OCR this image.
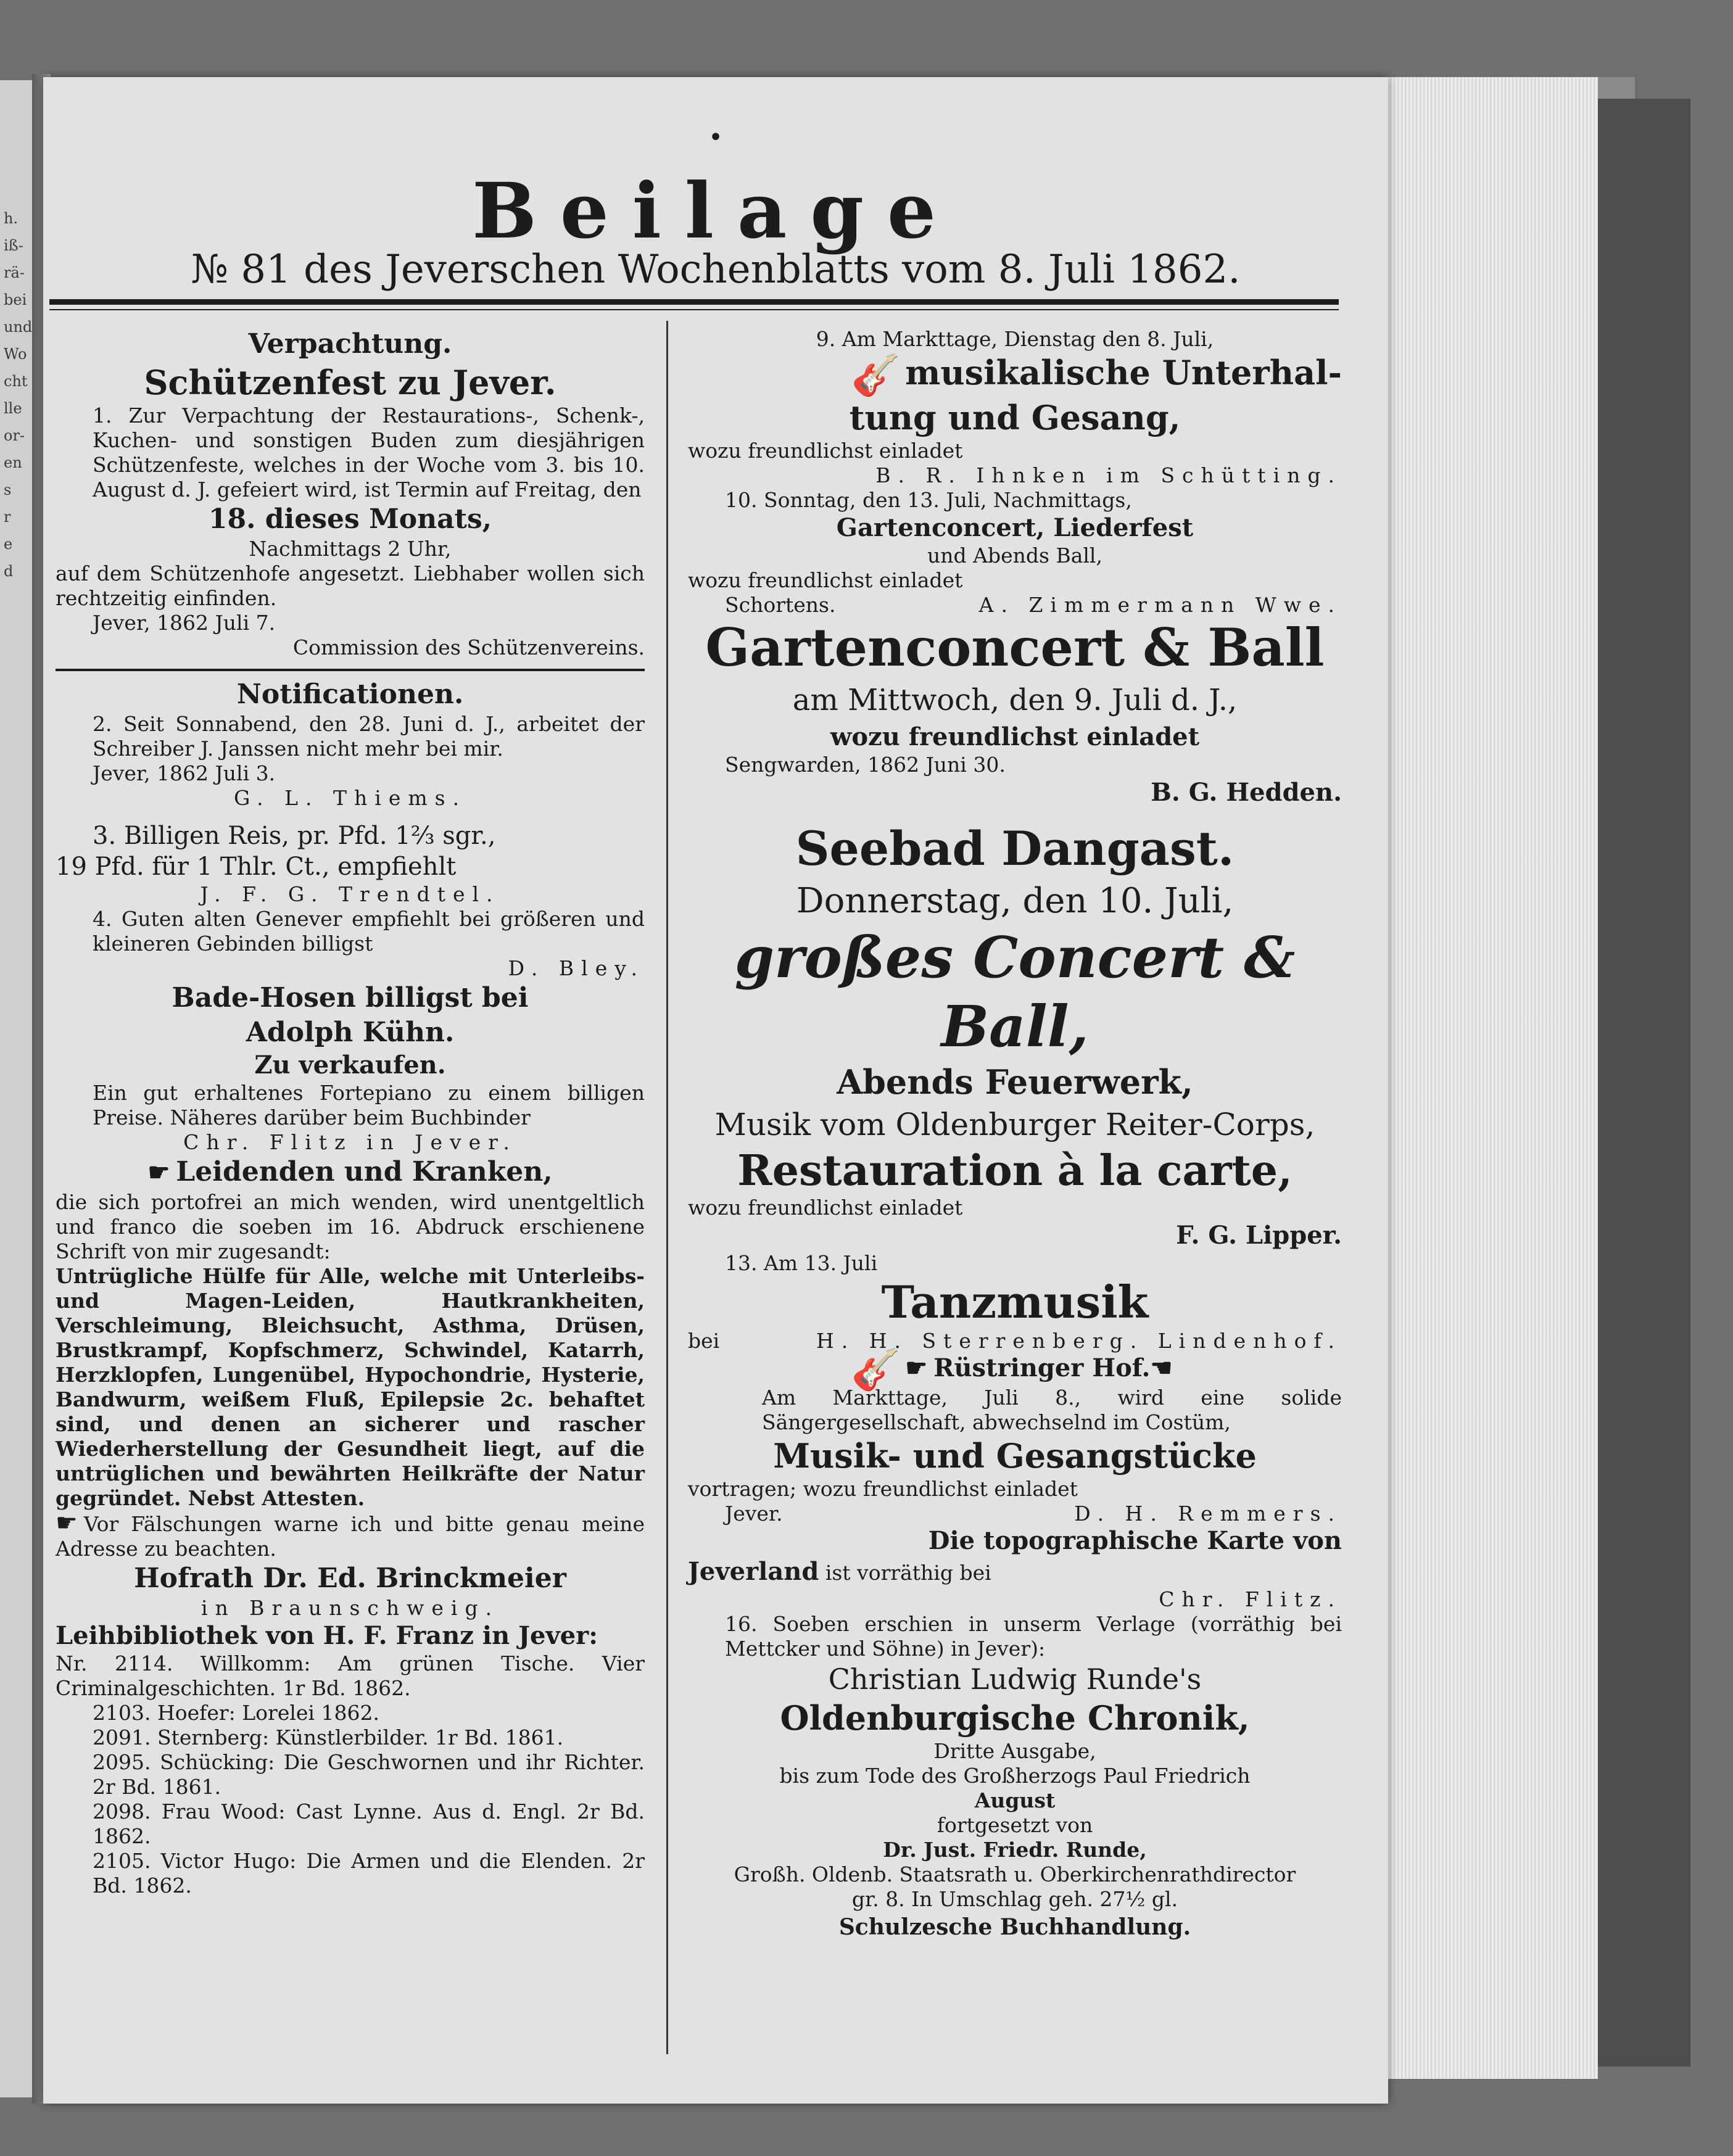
h.
iß-
rä-
bei
und
Wo
cht
lle
or-
en
s
r
e
d
•
Beilage
№ 81 des Jeverschen Wochenblatts vom 8. Juli 1862.

Verpachtung.

Schützenfest zu Jever.

1. Zur Verpachtung der Restaurations-, Schenk-, Kuchen- und sonstigen Buden zum diesjährigen Schützenfeste, welches in der Woche vom 3. bis 10. August d. J. gefeiert wird, ist Termin auf Freitag, den

18. dieses Monats,

Nachmittags 2 Uhr,

auf dem Schützenhofe angesetzt. Liebhaber wollen sich rechtzeitig einfinden.

Jever, 1862 Juli 7.

Commission des Schützenvereins.

Notificationen.

2. Seit Sonnabend, den 28. Juni d. J., arbeitet der Schreiber J. Janssen nicht mehr bei mir.

Jever, 1862 Juli 3.

G. L. Thiems.

3. Billigen Reis, pr. Pfd. 1⅔ sgr.,

19 Pfd. für 1 Thlr. Ct., empfiehlt

J. F. G. Trendtel.

4. Guten alten Genever empfiehlt bei größeren und kleineren Gebinden billigst

D. Bley.

Bade-Hosen billigst bei

Adolph Kühn.

Zu verkaufen.

Ein gut erhaltenes Fortepiano zu einem billigen Preise. Näheres darüber beim Buchbinder

Chr. Flitz in Jever.

☛ Leidenden und Kranken,

die sich portofrei an mich wenden, wird unentgeltlich und franco die soeben im 16. Abdruck erschienene Schrift von mir zugesandt:

Untrügliche Hülfe für Alle, welche mit Unterleibs- und Magen-Leiden, Hautkrankheiten, Verschleimung, Bleichsucht, Asthma, Drüsen, Brustkrampf, Kopfschmerz, Schwindel, Katarrh, Herzklopfen, Lungenübel, Hypochondrie, Hysterie, Bandwurm, weißem Fluß, Epilepsie 2c. behaftet sind, und denen an sicherer und rascher Wiederherstellung der Gesundheit liegt, auf die untrüglichen und bewährten Heilkräfte der Natur gegründet. Nebst Attesten.

☛ Vor Fälschungen warne ich und bitte genau meine Adresse zu beachten.

Hofrath Dr. Ed. Brinckmeier

in Braunschweig.

Leihbibliothek von H. F. Franz in Jever:

Nr. 2114. Willkomm: Am grünen Tische. Vier Criminalgeschichten. 1r Bd. 1862.

2103. Hoefer: Lorelei 1862.

2091. Sternberg: Künstlerbilder. 1r Bd. 1861.

2095. Schücking: Die Geschwornen und ihr Richter. 2r Bd. 1861.

2098. Frau Wood: Cast Lynne. Aus d. Engl. 2r Bd. 1862.

2105. Victor Hugo: Die Armen und die Elenden. 2r Bd. 1862.

9. Am Markttage, Dienstag den 8. Juli,

🎸 musikalische Unterhal-

tung und Gesang,

wozu freundlichst einladet

B. R. Ihnken im Schütting.

10. Sonntag, den 13. Juli, Nachmittags,

Gartenconcert, Liederfest

und Abends Ball,

wozu freundlichst einladet

Schortens.	A. Zimmermann Wwe.

Gartenconcert & Ball

am Mittwoch, den 9. Juli d. J.,

wozu freundlichst einladet

Sengwarden, 1862 Juni 30.

B. G. Hedden.

Seebad Dangast.

Donnerstag, den 10. Juli,

großes Concert & Ball,

Abends Feuerwerk,

Musik vom Oldenburger Reiter-Corps,

Restauration à la carte,

wozu freundlichst einladet

F. G. Lipper.

13. Am 13. Juli

Tanzmusik

bei	H. H. Sterrenberg. Lindenhof.

🎸 ☛ Rüstringer Hof.☚

Am Markttage, Juli 8., wird eine solide Sängergesellschaft, abwechselnd im Costüm,

Musik- und Gesangstücke

vortragen; wozu freundlichst einladet

Jever.	D. H. Remmers.

Die topographische Karte von

Jeverland ist vorräthig bei

Chr. Flitz.

16. Soeben erschien in unserm Verlage (vorräthig bei Mettcker und Söhne) in Jever):

Christian Ludwig Runde's

Oldenburgische Chronik,

Dritte Ausgabe,

bis zum Tode des Großherzogs Paul Friedrich

August

fortgesetzt von

Dr. Just. Friedr. Runde,

Großh. Oldenb. Staatsrath u. Oberkirchenrathdirector

gr. 8. In Umschlag geh. 27½ gl.

Schulzesche Buchhandlung.
